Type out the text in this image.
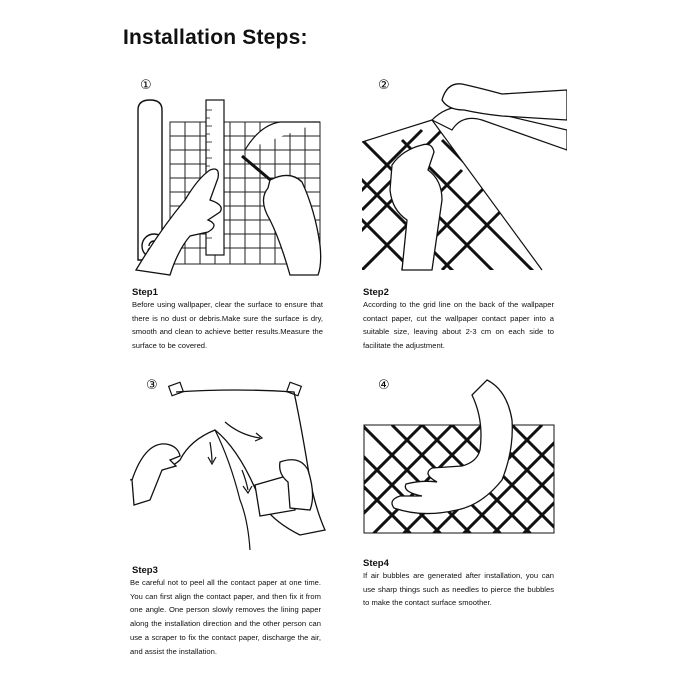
Installation Steps:
①
Step1
Before using wallpaper, clear the surface to ensure that there is no dust or debris.Make sure the surface is dry, smooth and clean to achieve better results.Measure the surface to be covered.
②
Step2
According to the grid line on the back of the wallpaper contact paper, cut the wallpaper contact paper into a suitable size, leaving about 2-3 cm on each side to facilitate the adjustment.
③
Step3
Be careful not to peel all the contact paper at one time. You can first align the contact paper, and then fix it from one angle. One person slowly removes the lining paper along the installation direction and the other person can use a scraper to fix the contact paper, discharge the air, and assist the installation.
④
Step4
If air bubbles are generated after installation, you can use sharp things such as needles to pierce the bubbles to make the contact surface smoother.
